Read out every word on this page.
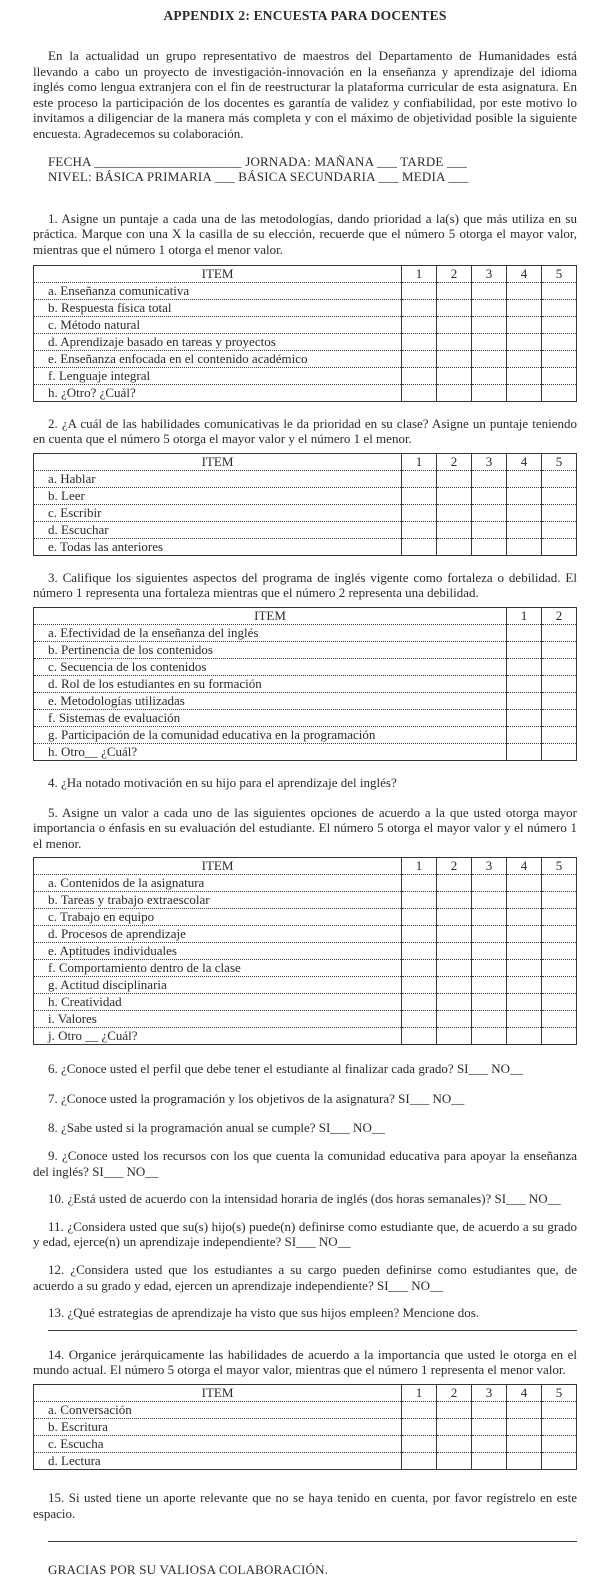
APPENDIX 2: ENCUESTA PARA DOCENTES

En la actualidad un grupo representativo de maestros del Departamento de Humanidades está llevando a cabo un proyecto de investigación-innovación en la enseñanza y aprendizaje del idioma inglés como lengua extranjera con el fin de reestructurar la plataforma curricular de esta asignatura. En este proceso la participación de los docentes es garantía de validez y confiabilidad, por este motivo lo invitamos a diligenciar de la manera más completa y con el máximo de objetividad posible la siguiente encuesta. Agradecemos su colaboración.

FECHA ______________________ JORNADA: MAÑANA ___ TARDE ___
NIVEL: BÁSICA PRIMARIA ___ BÁSICA SECUNDARIA ___ MEDIA ___

1. Asigne un puntaje a cada una de las metodologías, dando prioridad a la(s) que más utiliza en su práctica. Marque con una X la casilla de su elección, recuerde que el número 5 otorga el mayor valor, mientras que el número 1 otorga el menor valor.

ITEM	1	2	3	4	5
a. Enseñanza comunicativa					
b. Respuesta física total					
c. Método natural					
d. Aprendizaje basado en tareas y proyectos					
e. Enseñanza enfocada en el contenido académico					
f. Lenguaje integral					
h. ¿Otro? ¿Cuál?					

2. ¿A cuál de las habilidades comunicativas le da prioridad en su clase? Asigne un puntaje teniendo en cuenta que el número 5 otorga el mayor valor y el número 1 el menor.

ITEM	1	2	3	4	5
a. Hablar					
b. Leer					
c. Escribir					
d. Escuchar					
e. Todas las anteriores					

3. Califique los siguientes aspectos del programa de inglés vigente como fortaleza o debilidad. El número 1 representa una fortaleza mientras que el número 2 representa una debilidad.

ITEM	1	2
a. Efectividad de la enseñanza del inglés		
b. Pertinencia de los contenidos		
c. Secuencia de los contenidos		
d. Rol de los estudiantes en su formación		
e. Metodologías utilizadas		
f. Sistemas de evaluación		
g. Participación de la comunidad educativa en la programación		
h. Otro__ ¿Cuál?		

4. ¿Ha notado motivación en su hijo para el aprendizaje del inglés?

5. Asigne un valor a cada uno de las siguientes opciones de acuerdo a la que usted otorga mayor importancia o énfasis en su evaluación del estudiante. El número 5 otorga el mayor valor y el número 1 el menor.

ITEM	1	2	3	4	5
a. Contenidos de la asignatura					
b. Tareas y trabajo extraescolar					
c. Trabajo en equipo					
d. Procesos de aprendizaje					
e. Aptitudes individuales					
f. Comportamiento dentro de la clase					
g. Actitud disciplinaria					
h. Creatividad					
i. Valores					
j. Otro __ ¿Cuál?					

6. ¿Conoce usted el perfil que debe tener el estudiante al finalizar cada grado? SI___ NO__

7. ¿Conoce usted la programación y los objetivos de la asignatura? SI___ NO__

8. ¿Sabe usted si la programación anual se cumple? SI___ NO__

9. ¿Conoce usted los recursos con los que cuenta la comunidad educativa para apoyar la enseñanza del inglés? SI___ NO__

10. ¿Está usted de acuerdo con la intensidad horaria de inglés (dos horas semanales)? SI___ NO__

11. ¿Considera usted que su(s) hijo(s) puede(n) definirse como estudiante que, de acuerdo a su grado y edad, ejerce(n) un aprendizaje independiente? SI___ NO__

12. ¿Considera usted que los estudiantes a su cargo pueden definirse como estudiantes que, de acuerdo a su grado y edad, ejercen un aprendizaje independiente? SI___ NO__

13. ¿Qué estrategias de aprendizaje ha visto que sus hijos empleen? Mencione dos.

14. Organice jerárquicamente las habilidades de acuerdo a la importancia que usted le otorga en el mundo actual. El número 5 otorga el mayor valor, mientras que el número 1 representa el menor valor.

ITEM	1	2	3	4	5
a. Conversación					
b. Escritura					
c. Escucha					
d. Lectura					

15. Si usted tiene un aporte relevante que no se haya tenido en cuenta, por favor regístrelo en este espacio.

GRACIAS POR SU VALIOSA COLABORACIÓN.
